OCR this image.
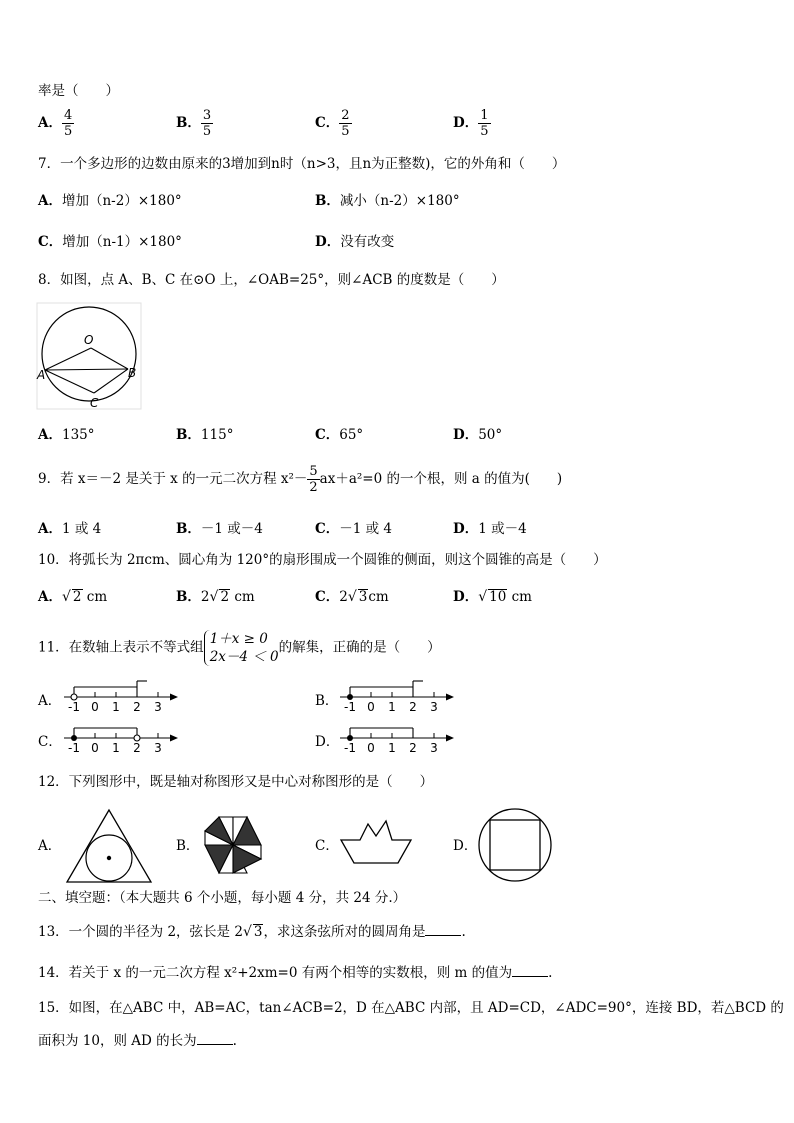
率是（　　）
A． $\frac{4}{5}$	B． $\frac{3}{5}$	C． $\frac{2}{5}$	D． $\frac{1}{5}$
7．一个多边形的边数由原来的3增加到n时（n>3，且n为正整数)，它的外角和（　　）
A．增加（n-2）×180°	B．减小（n-2）×180°
C．增加（n-1）×180°	D．没有改变
8．如图，点 A、B、C 在⊙O 上，∠OAB=25°，则∠ACB 的度数是（　　）
O
A	B
C
A．135°	B．115°	C．65°	D．50°
9．若 x＝－2 是关于 x 的一元二次方程 $x^2- \frac{5}{2} ax+a^2=0$ 的一个根，则 a 的值为(　　)
A．1 或 4	B．－1 或－4	C．－1 或 4	D．1 或－4
10．将弧长为 2πcm、圆心角为 120°的扇形围成一个圆锥的侧面，则这个圆锥的高是（　　）
A．√ 2 cm	B．2√ 2 cm	C．2√ 3cm	D．√ 10 cm
11．在数轴上表示不等式组
1＋x ≥ 0
2x－4 ＜ 0
的解集，正确的是（　　）
A． -1 0 1 2 3	B． -1 0 1 2 3
C． -1 0 1 2 3	D． -1 0 1 2 3
12．下列图形中，既是轴对称图形又是中心对称图形的是（　　）
A．	B．	C．	D．
二、填空题：（本大题共 6 个小题，每小题 4 分，共 24 分.）
13．一个圆的半径为 2，弦长是 2√ 3，求这条弦所对的圆周角是	.
14．若关于 x 的一元二次方程 x²+2xm=0 有两个相等的实数根，则 m 的值为	.
15．如图，在△ABC 中，AB=AC，tan∠ACB=2，D 在△ABC 内部，且 AD=CD，∠ADC=90°，连接 BD，若△BCD 的
面积为 10，则 AD 的长为	.
